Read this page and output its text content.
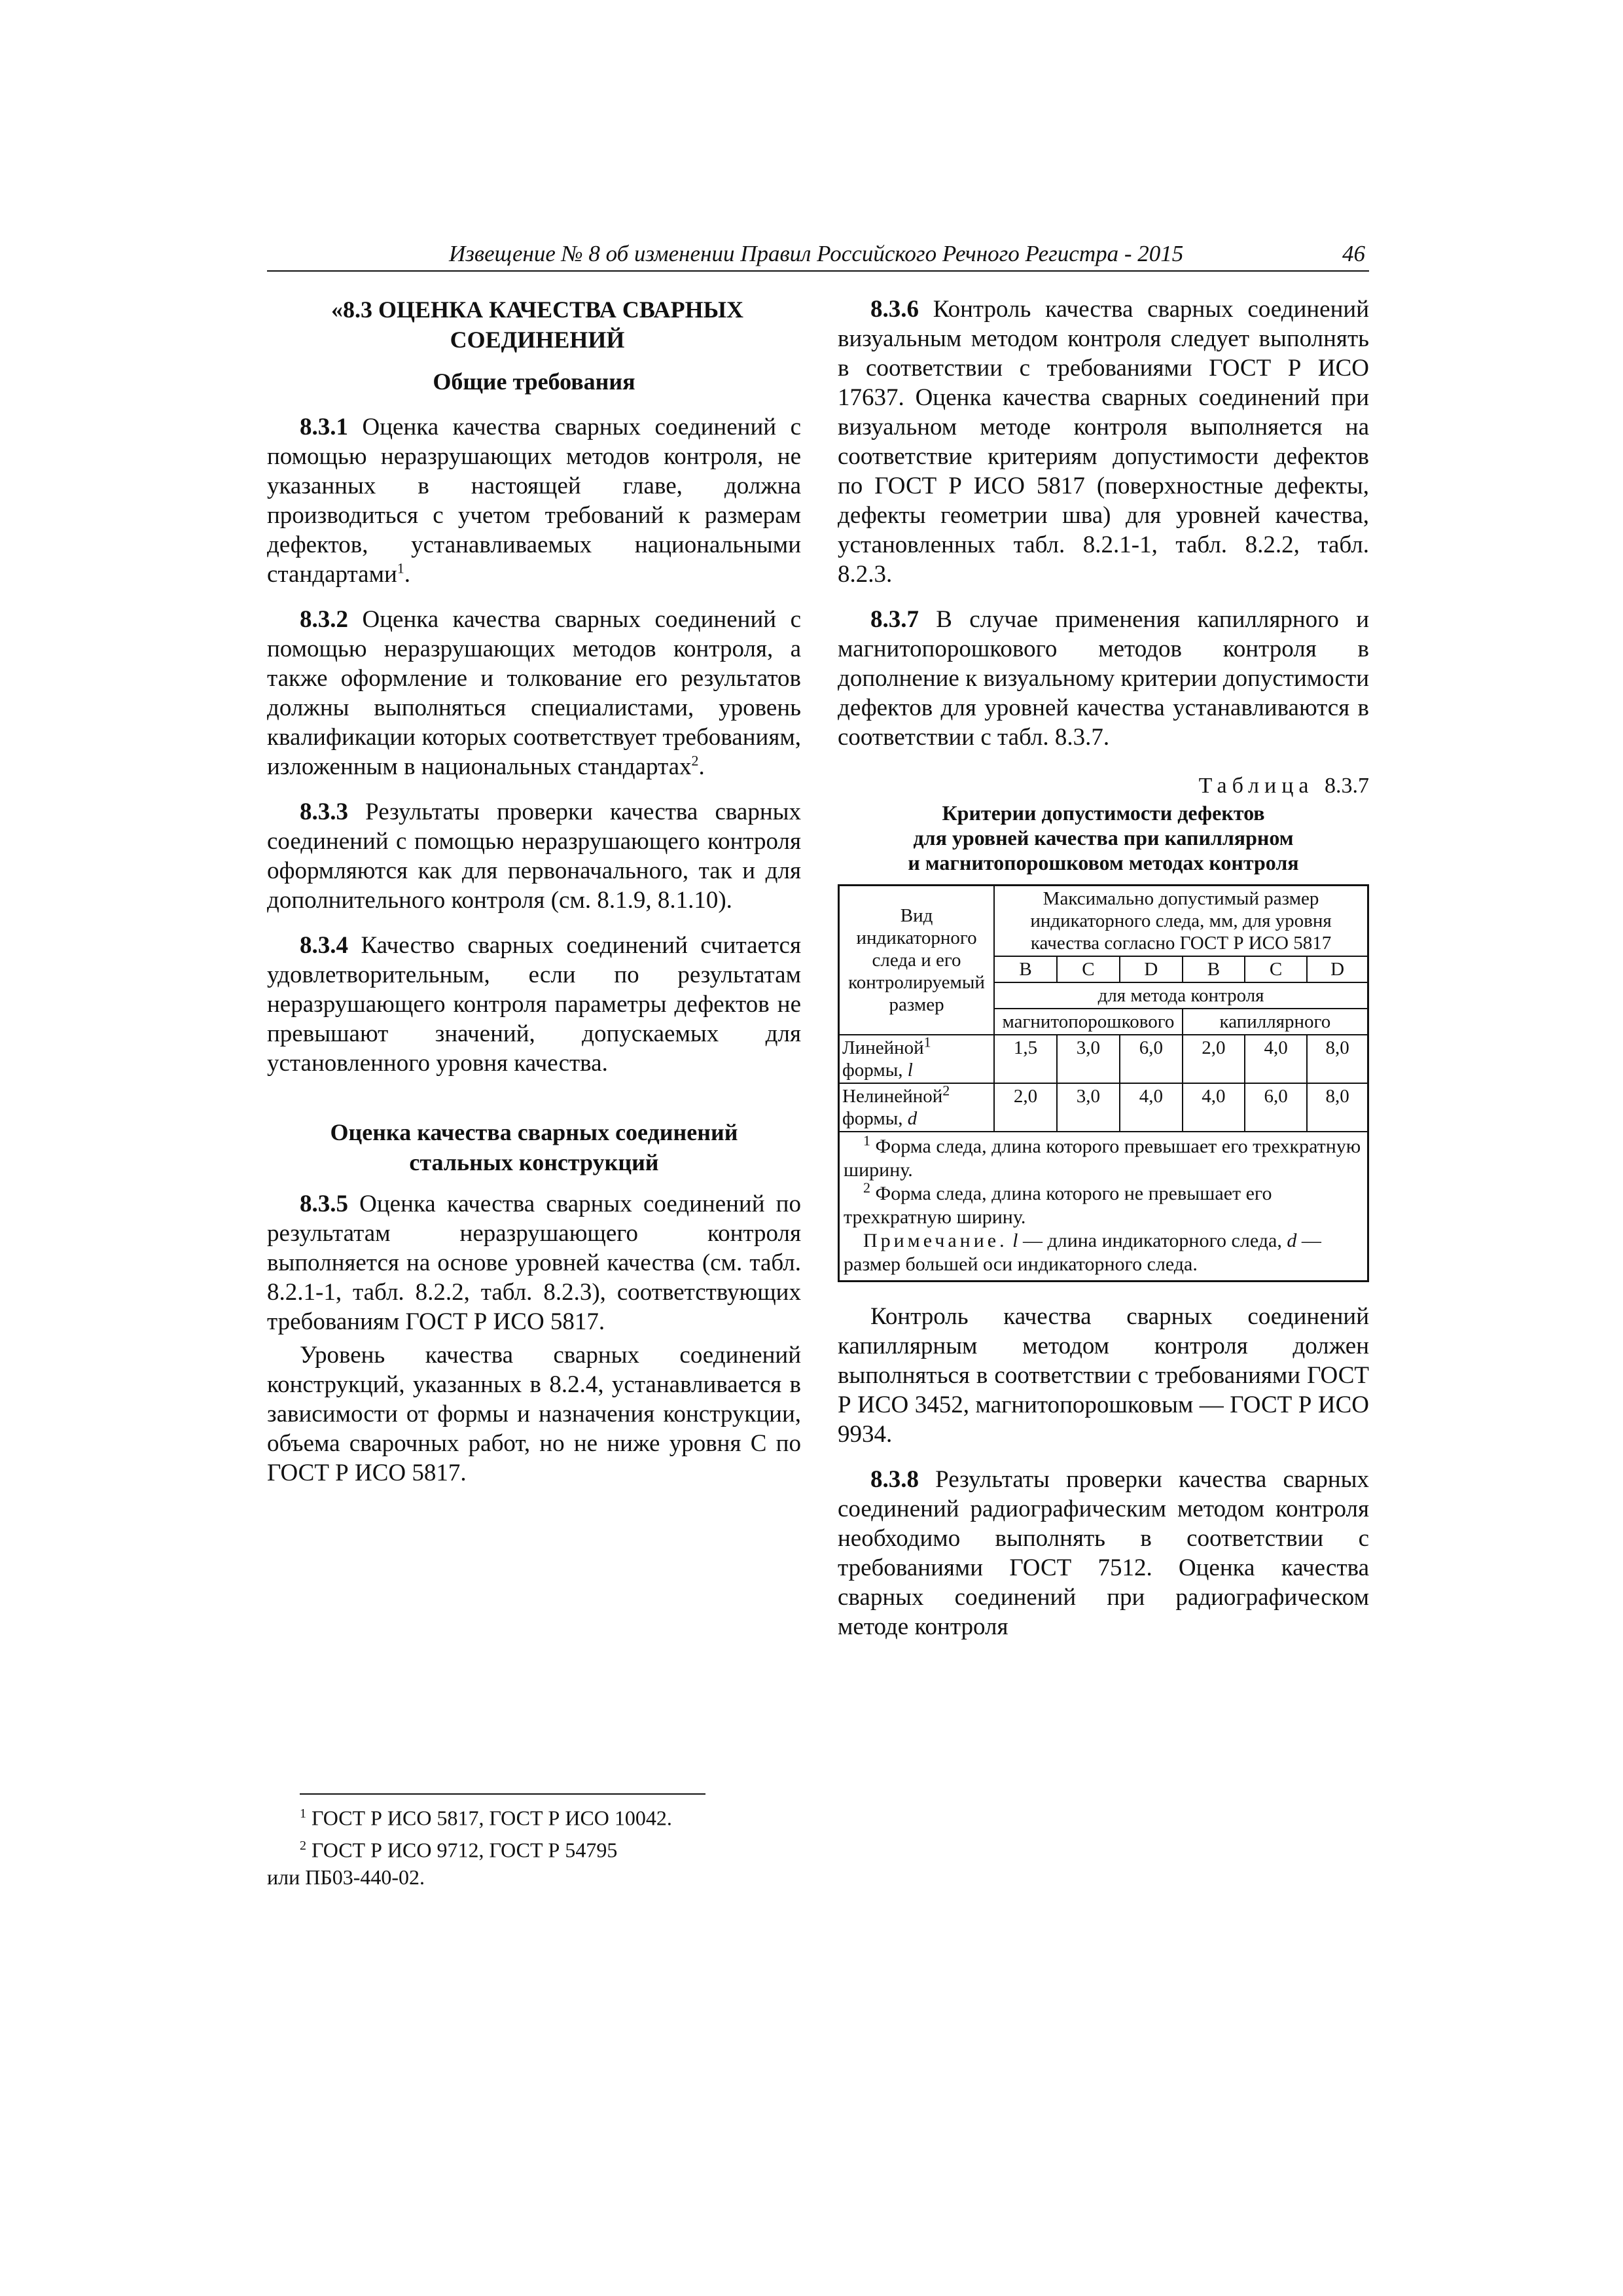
Извещение № 8 об изменении Правил Российского Речного Регистра - 2015	46
«8.3 ОЦЕНКА КАЧЕСТВА СВАРНЫХ
СОЕДИНЕНИЙ
Общие требования

8.3.1 Оценка качества сварных соединений с помощью неразрушающих методов контроля, не указанных в настоящей главе, должна производиться с учетом требований к размерам дефектов, устанавливаемых национальными стандартами$^1$.

8.3.2 Оценка качества сварных соединений с помощью неразрушающих методов контроля, а также оформление и толкование его результатов должны выполняться специалистами, уровень квалификации которых соответствует требованиям, изложенным в национальных стандартах$^2$.

8.3.3 Результаты проверки качества сварных соединений с помощью неразрушающего контроля оформляются как для первоначального, так и для дополнительного контроля (см. 8.1.9, 8.1.10).

8.3.4 Качество сварных соединений считается удовлетворительным, если по результатам неразрушающего контроля параметры дефектов не превышают значений, допускаемых для установленного уровня качества.

Оценка качества сварных соединений
стальных конструкций

8.3.5 Оценка качества сварных соединений по результатам неразрушающего контроля выполняется на основе уровней качества (см. табл. 8.2.1-1, табл. 8.2.2, табл. 8.2.3), соответствующих требованиям ГОСТ Р ИСО 5817.

Уровень качества сварных соединений конструкций, указанных в 8.2.4, устанавливается в зависимости от формы и назначения конструкции, объема сварочных работ, но не ниже уровня С по ГОСТ Р ИСО 5817.

$^1$ ГОСТ Р ИСО 5817, ГОСТ Р ИСО 10042.
$^2$ ГОСТ Р ИСО 9712, ГОСТ Р 54795
или ПБ03-440-02.

8.3.6 Контроль качества сварных соединений визуальным методом контроля следует выполнять в соответствии с требованиями ГОСТ Р ИСО 17637. Оценка качества сварных соединений при визуальном методе контроля выполняется на соответствие критериям допустимости дефектов по ГОСТ Р ИСО 5817 (поверхностные дефекты, дефекты геометрии шва) для уровней качества, установленных табл. 8.2.1-1, табл. 8.2.2, табл. 8.2.3.

8.3.7 В случае применения капиллярного и магнитопорошкового методов контроля в дополнение к визуальному критерии допустимости дефектов для уровней качества устанавливаются в соответствии с табл. 8.3.7.

Таблица 8.3.7
Критерии допустимости дефектов
для уровней качества при капиллярном
и магнитопорошковом методах контроля
Вид индикаторного следа и его контролируемый размер	Максимально допустимый размер индикаторного следа, мм, для уровня качества согласно ГОСТ Р ИСО 5817					
	B	C	D	B	C	D
	для метода контроля					
	магнитопорошкового			капиллярного		
Линейной$^1$
формы, l	1,5	3,0	6,0	2,0	4,0	8,0
Нелинейной$^2$
формы, d	2,0	3,0	4,0	4,0	6,0	8,0

$^1$ Форма следа, длина которого превышает его трехкратную ширину.
$^2$ Форма следа, длина которого не превышает его трехкратную ширину.
Примечание. l — длина индикаторного следа, d — размер большей оси индикаторного следа.						

Контроль качества сварных соединений капиллярным методом контроля должен выполняться в соответствии с требованиями ГОСТ Р ИСО 3452, магнитопорошковым — ГОСТ Р ИСО 9934.

8.3.8 Результаты проверки качества сварных соединений радиографическим методом контроля необходимо выполнять в соответствии с требованиями ГОСТ 7512. Оценка качества сварных соединений при радиографическом методе контроля
